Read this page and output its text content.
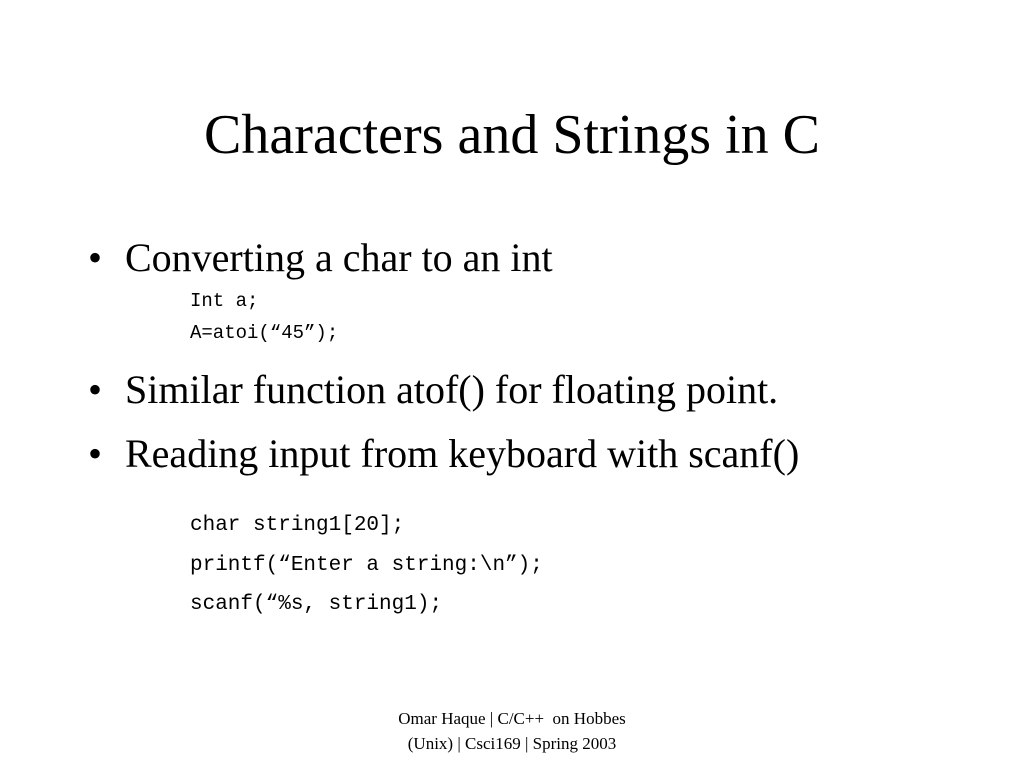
Characters and Strings in C
• Converting a char to an int
Int a;
A=atoi(“45”);
• Similar function atof() for floating point.
• Reading input from keyboard with scanf()
char string1[20];
printf(“Enter a string:\n”);
scanf(“%s, string1);
Omar Haque | C/C++  on Hobbes
(Unix) | Csci169 | Spring 2003
